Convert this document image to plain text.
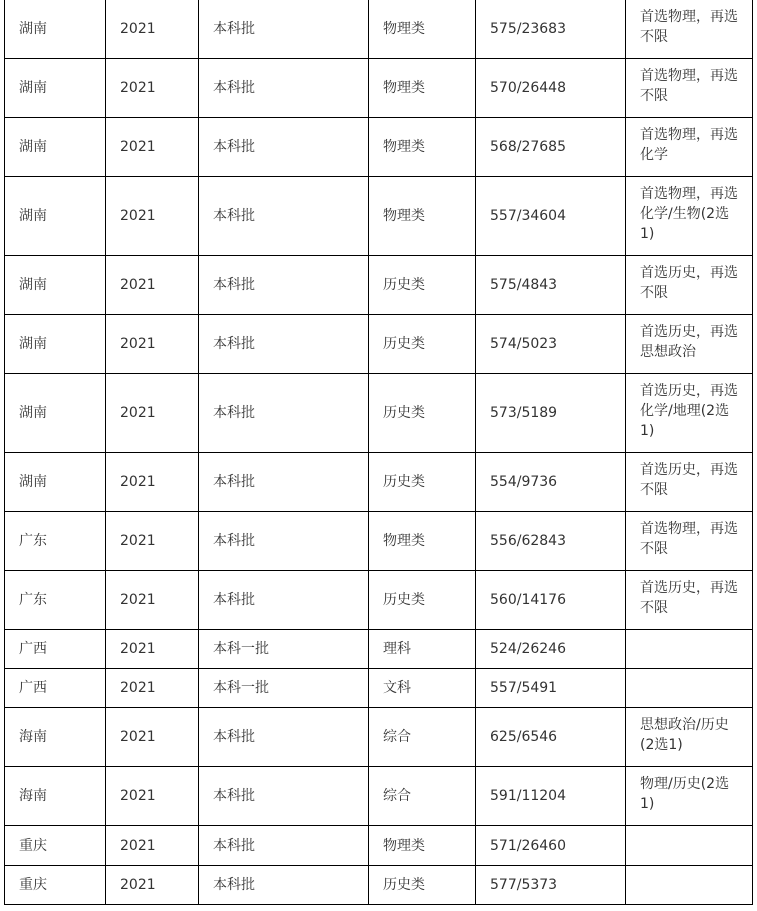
湖南	2021	本科批	物理类	575/23683	首选物理，再选不限
湖南	2021	本科批	物理类	570/26448	首选物理，再选不限
湖南	2021	本科批	物理类	568/27685	首选物理，再选化学
湖南	2021	本科批	物理类	557/34604	首选物理，再选化学/生物(2选1)
湖南	2021	本科批	历史类	575/4843	首选历史，再选不限
湖南	2021	本科批	历史类	574/5023	首选历史，再选思想政治
湖南	2021	本科批	历史类	573/5189	首选历史，再选化学/地理(2选1)
湖南	2021	本科批	历史类	554/9736	首选历史，再选不限
广东	2021	本科批	物理类	556/62843	首选物理，再选不限
广东	2021	本科批	历史类	560/14176	首选历史，再选不限
广西	2021	本科一批	理科	524/26246	
广西	2021	本科一批	文科	557/5491	
海南	2021	本科批	综合	625/6546	思想政治/历史(2选1)
海南	2021	本科批	综合	591/11204	物理/历史(2选1)
重庆	2021	本科批	物理类	571/26460	
重庆	2021	本科批	历史类	577/5373	
